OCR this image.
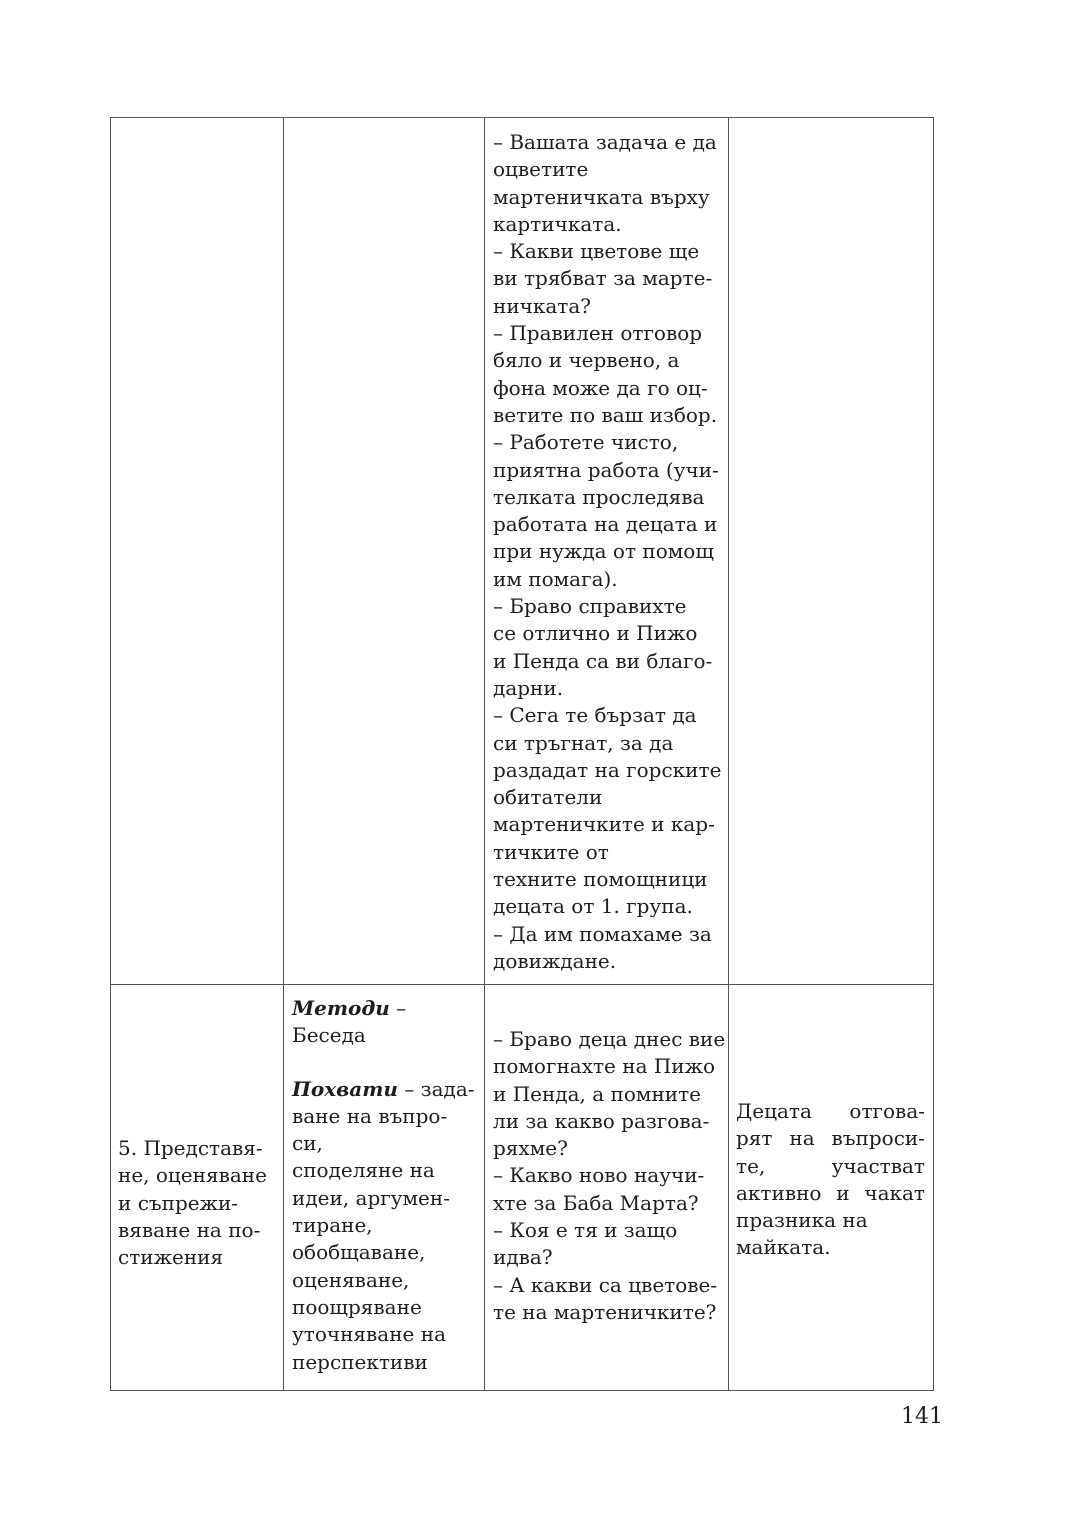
– Вашата задача е да
оцветите
мартеничката върху
картичката.
– Какви цветове ще
ви трябват за марте-
ничката?
– Правилен отговор
бяло и червено, а
фона може да го оц-
ветите по ваш избор.
– Работете чисто,
приятна работа (учи-
телката проследява
работата на децата и
при нужда от помощ
им помага).
– Браво справихте
се отлично и Пижо
и Пенда са ви благо-
дарни.
– Сега те бързат да
си тръгнат, за да
раздадат на горските
обитатели
мартеничките и кар-
тичките от
техните помощници
децата от 1. група.
– Да им помахаме за
довиждане.
5. Представя-
не, оценяване
и съпрежи-
вяване на по-
стижения
Методи –
Беседа
Похвати – зада-
ване на въпро-
си,
споделяне на
идеи, аргумен-
тиране,
обобщаване,
оценяване,
поощряване
уточняване на
перспективи
– Браво деца днес вие
помогнахте на Пижо
и Пенда, а помните
ли за какво разгова-
ряхме?
– Какво ново научи-
хте за Баба Марта?
– Коя е тя и защо
идва?
– А какви са цветове-
те на мартеничките?
Децата отгова-
рят на въпроси-
те, участват
активно и чакат
празника на
майката.
141
